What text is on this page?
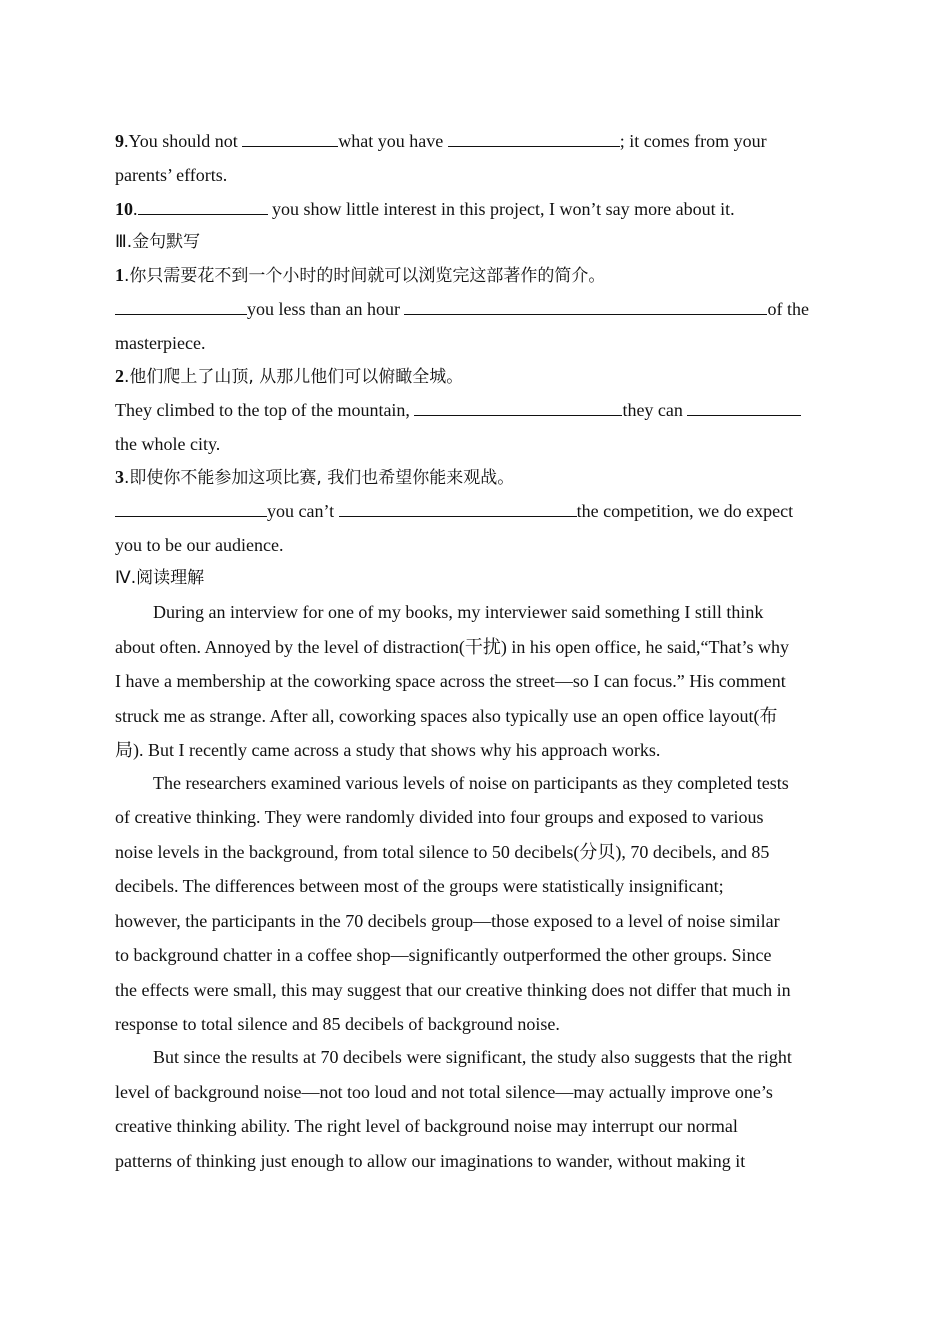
9.You should not	what you have	; it comes from your
parents’ efforts.
10.	you show little interest in this project, I won’t say more about it.
Ⅲ.金句默写
1.你只需要花不到一个小时的时间就可以浏览完这部著作的简介。
you less than an hour	of the
masterpiece.
2.他们爬上了山顶, 从那儿他们可以俯瞰全城。
They climbed to the top of the mountain,	they can
the whole city.
3.即使你不能参加这项比赛, 我们也希望你能来观战。
you can’t	the competition, we do expect
you to be our audience.
Ⅳ.阅读理解
During an interview for one of my books, my interviewer said something I still think
about often. Annoyed by the level of distraction(干扰) in his open office, he said,“That’s why
I have a membership at the coworking space across the street—so I can focus.” His comment
struck me as strange. After all, coworking spaces also typically use an open office layout(布
局). But I recently came across a study that shows why his approach works.
The researchers examined various levels of noise on participants as they completed tests
of creative thinking. They were randomly divided into four groups and exposed to various
noise levels in the background, from total silence to 50 decibels(分贝), 70 decibels, and 85
decibels. The differences between most of the groups were statistically insignificant;
however, the participants in the 70 decibels group—those exposed to a level of noise similar
to background chatter in a coffee shop—significantly outperformed the other groups. Since
the effects were small, this may suggest that our creative thinking does not differ that much in
response to total silence and 85 decibels of background noise.
But since the results at 70 decibels were significant, the study also suggests that the right
level of background noise—not too loud and not total silence—may actually improve one’s
creative thinking ability. The right level of background noise may interrupt our normal
patterns of thinking just enough to allow our imaginations to wander, without making it
